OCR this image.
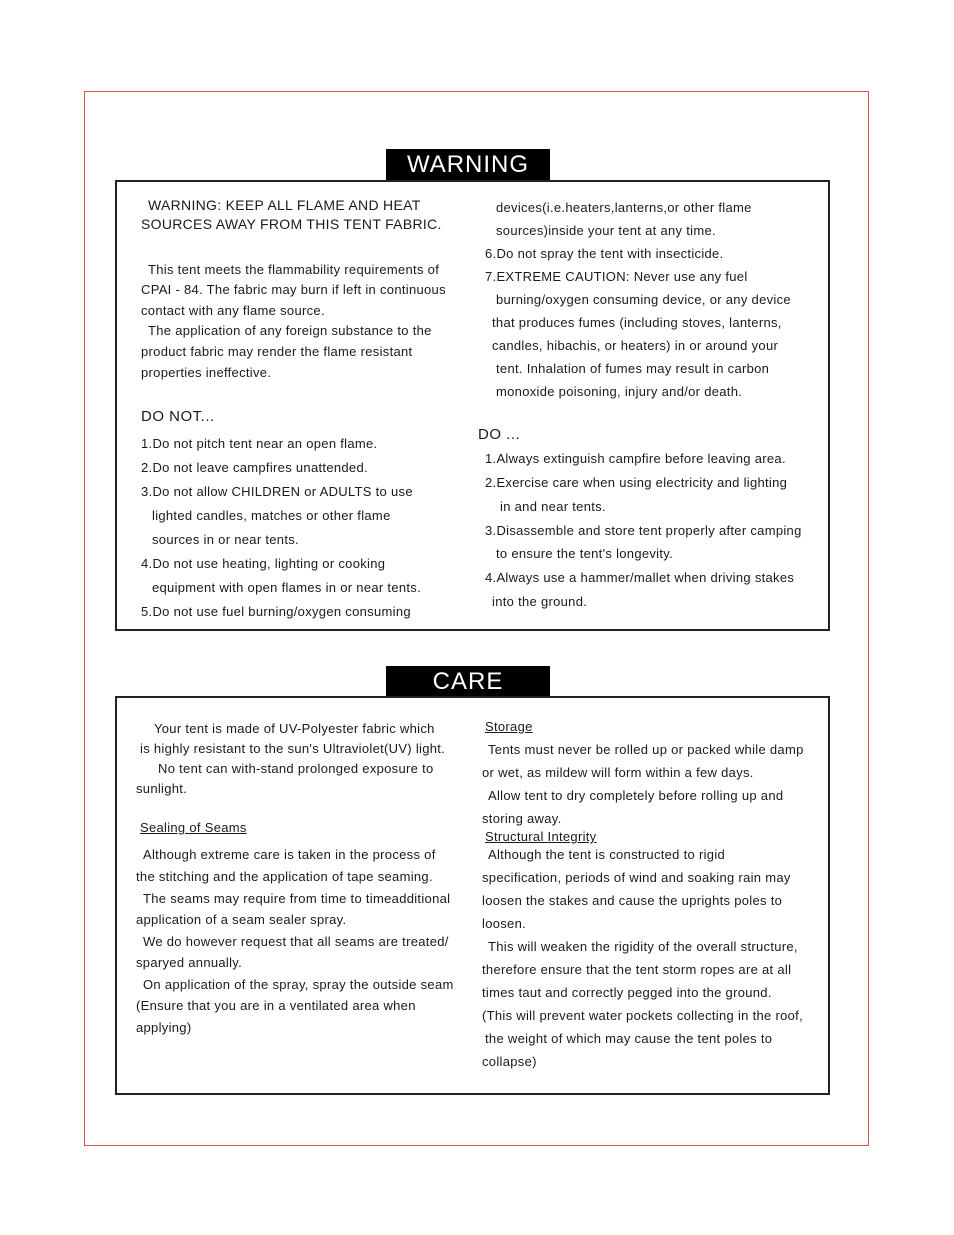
WARNING
WARNING: KEEP ALL FLAME AND HEAT
SOURCES AWAY FROM THIS TENT FABRIC.
This tent meets the flammability requirements of
CPAI - 84. The fabric may burn if left in continuous
contact with any flame source.
The application of any foreign substance to the
product fabric may render the flame resistant
properties ineffective.
DO NOT...
1.Do not pitch tent near an open flame.
2.Do not leave campfires unattended.
3.Do not allow CHILDREN or ADULTS to use
lighted candles, matches or other flame
sources in or near tents.
4.Do not use heating, lighting or cooking
equipment with open flames in or near tents.
5.Do not use fuel burning/oxygen consuming
devices(i.e.heaters,lanterns,or other flame
sources)inside your tent at any time.
6.Do not spray the tent with insecticide.
7.EXTREME CAUTION: Never use any fuel
burning/oxygen consuming device, or any device
that produces fumes (including stoves, lanterns,
candles, hibachis, or heaters) in or around your
tent. Inhalation of fumes may result in carbon
monoxide poisoning, injury and/or death.
DO ...
1.Always extinguish campfire before leaving area.
2.Exercise care when using electricity and lighting
in and near tents.
3.Disassemble and store tent properly after camping
to ensure the tent's longevity.
4.Always use a hammer/mallet when driving stakes
into the ground.
CARE
Your tent is made of UV-Polyester fabric which
is highly resistant to the sun's Ultraviolet(UV) light.
No tent can with-stand prolonged exposure to
sunlight.
Sealing of Seams
Although extreme care is taken in the process of
the stitching and the application of tape seaming.
The seams may require from time to timeadditional
application of a seam sealer spray.
We do however request that all seams are treated/
sparyed annually.
On application of the spray, spray the outside seam
(Ensure that you are in a ventilated area when
applying)
Storage
Tents must never be rolled up or packed while damp
or wet, as mildew will form within a few days.
Allow tent to dry completely before rolling up and
storing away.
Structural Integrity
Although the tent is constructed to rigid
specification, periods of wind and soaking rain may
loosen the stakes and cause the uprights poles to
loosen.
This will weaken the rigidity of the overall structure,
therefore ensure that the tent storm ropes are at all
times taut and correctly pegged into the ground.
(This will prevent water pockets collecting in the roof,
the weight of which may cause the tent poles to
collapse)
